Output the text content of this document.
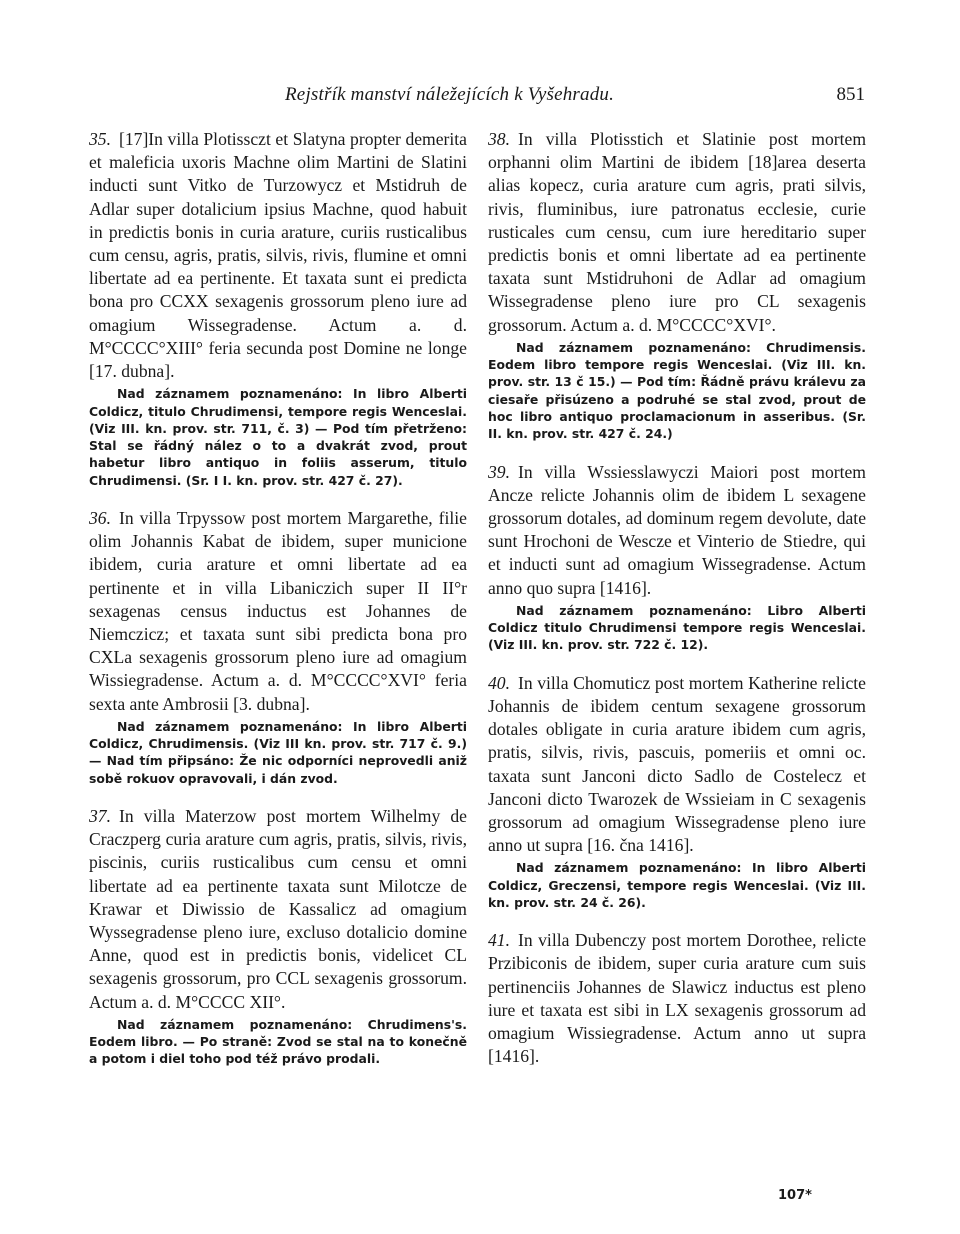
Rejstřík manství náležejících k Vyšehradu.	851

35. [17]In villa Plotissczt et Slatyna propter demerita et maleficia uxoris Machne olim Martini de Slatini inducti sunt Vitko de Turzowycz et Mstidruh de Adlar super dotalicium ipsius Machne, quod habuit in predictis bonis in curia arature, curiis rusticalibus cum censu, agris, pratis, silvis, rivis, flumine et omni libertate ad ea pertinente. Et taxata sunt ei predicta bona pro CCXX sexagenis grossorum pleno iure ad omagium Wissegradense. Actum a. d. M°CCCC°XIII° feria secunda post Domine ne longe [17. dubna].

Nad záznamem poznamenáno: In libro Alberti Coldicz, titulo Chrudimensi, tempore regis Wenceslai. (Viz III. kn. prov. str. 711, č. 3) — Pod tím přetrženo: Stal se řádný nález o to a dvakrát zvod, prout habetur libro antiquo in foliis asserum, titulo Chrudimensi. (Sr. I I. kn. prov. str. 427 č. 27).

36. In villa Trpyssow post mortem Margarethe, filie olim Johannis Kabat de ibidem, super municione ibidem, curia arature et omni libertate ad ea pertinente et in villa Libaniczich super II II°r sexagenas census inductus est Johannes de Niemczicz; et taxata sunt sibi predicta bona pro CXLa sexagenis grossorum pleno iure ad omagium Wissiegradense. Actum a. d. M°CCCC°XVI° feria sexta ante Ambrosii [3. dubna].

Nad záznamem poznamenáno: In libro Alberti Coldicz, Chrudimensis. (Viz III kn. prov. str. 717 č. 9.) — Nad tím připsáno: Že nic odporníci neprovedli aniž sobě rokuov opravovali, i dán zvod.

37. In villa Materzow post mortem Wilhelmy de Craczperg curia arature cum agris, pratis, silvis, rivis, piscinis, curiis rusticalibus cum censu et omni libertate ad ea pertinente taxata sunt Milotcze de Krawar et Diwissio de Kassalicz ad omagium Wyssegradense pleno iure, excluso dotalicio domine Anne, quod est in predictis bonis, videlicet CL sexagenis grossorum, pro CCL sexagenis grossorum. Actum a. d. M°CCCC XII°.

Nad záznamem poznamenáno: Chrudimens's. Eodem libro. — Po straně: Zvod se stal na to konečně a potom i diel toho pod též právo prodali.

38. In villa Plotisstich et Slatinie post mortem orphanni olim Martini de ibidem [18]area deserta alias kopecz, curia arature cum agris, prati silvis, rivis, fluminibus, iure patronatus ecclesie, curie rusticales cum censu, cum iure hereditario super predictis bonis et omni libertate ad ea pertinente taxata sunt Mstidruhoni de Adlar ad omagium Wissegradense pleno iure pro CL sexagenis grossorum. Actum a. d. M°CCCC°XVI°.

Nad záznamem poznamenáno: Chrudimensis. Eodem libro tempore regis Wenceslai. (Viz III. kn. prov. str. 13 č 15.) — Pod tím: Řádně právu králevu za ciesaře přisúzeno a podruhé se stal zvod, prout de hoc libro antiquo proclamacionum in asseribus. (Sr. II. kn. prov. str. 427 č. 24.)

39. In villa Wssiesslawyczi Maiori post mortem Ancze relicte Johannis olim de ibidem L sexagene grossorum dotales, ad dominum regem devolute, date sunt Hrochoni de Wescze et Vinterio de Stiedre, qui et inducti sunt ad omagium Wissegradense. Actum anno quo supra [1416].

Nad záznamem poznamenáno: Libro Alberti Coldicz titulo Chrudimensi tempore regis Wenceslai. (Viz III. kn. prov. str. 722 č. 12).

40. In villa Chomuticz post mortem Katherine relicte Johannis de ibidem centum sexagene grossorum dotales obligate in curia arature ibidem cum agris, pratis, silvis, rivis, pascuis, pomeriis et omni oc. taxata sunt Janconi dicto Sadlo de Costelecz et Janconi dicto Twarozek de Wssieiam in C sexagenis grossorum ad omagium Wissegradense pleno iure anno ut supra [16. čna 1416].

Nad záznamem poznamenáno: In libro Alberti Coldicz, Greczensi, tempore regis Wenceslai. (Viz III. kn. prov. str. 24 č. 26).

41. In villa Dubenczy post mortem Dorothee, relicte Przibiconis de ibidem, super curia arature cum suis pertinenciis Johannes de Slawicz inductus est pleno iure et taxata est sibi in LX sexagenis grossorum ad omagium Wissiegradense. Actum anno ut supra [1416].

107*
